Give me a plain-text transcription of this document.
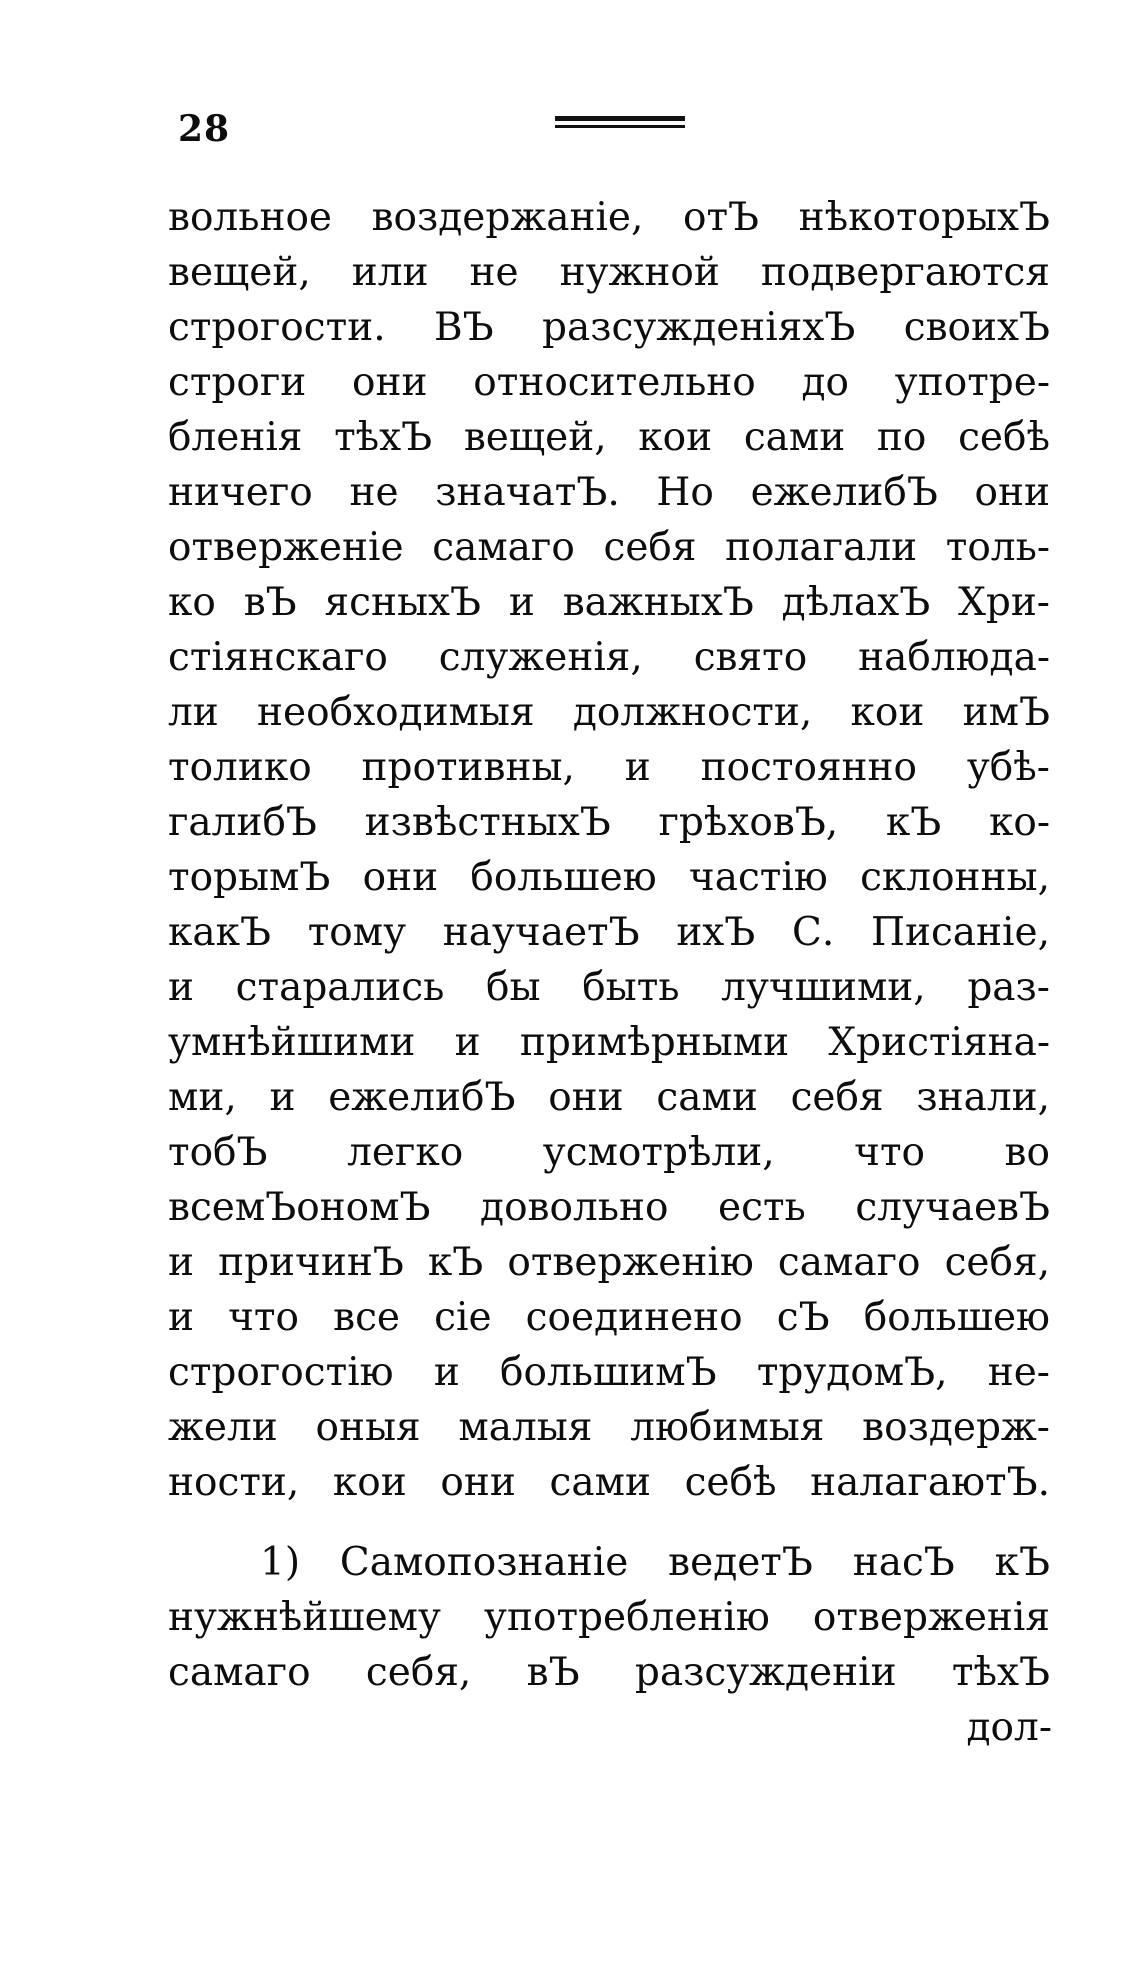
28
вольное воздержаніе, отЪ нѣкоторыхЪ
вещей, или не нужной подвергаются
строгости. ВЪ разсужденіяхЪ своихЪ
строги они относительно до употре-
бленія тѣхЪ вещей, кои сами по себѣ
ничего не значатЪ. Но ежелибЪ они
отверженіе самаго себя полагали толь-
ко вЪ ясныхЪ и важныхЪ дѣлахЪ Хри-
стіянскаго служенія, свято наблюда-
ли необходимыя должности, кои имЪ
толико противны, и постоянно убѣ-
галибЪ извѣстныхЪ грѣховЪ, кЪ ко-
торымЪ они большею частію склонны,
какЪ тому научаетЪ ихЪ С. Писаніе,
и старались бы быть лучшими, раз-
умнѣйшими и примѣрными Христіяна-
ми, и ежелибЪ они сами себя знали,
тобЪ легко усмотрѣли, что во
всемЪономЪ довольно есть случаевЪ
и причинЪ кЪ отверженію самаго себя,
и что все сіе соединено сЪ большею
строгостію и большимЪ трудомЪ, не-
жели оныя малыя любимыя воздерж-
ности, кои они сами себѣ налагаютЪ.
1) Самопознаніе ведетЪ насЪ кЪ
нужнѣйшему употребленію отверженія
самаго себя, вЪ разсужденіи тѣхЪ
дол-
